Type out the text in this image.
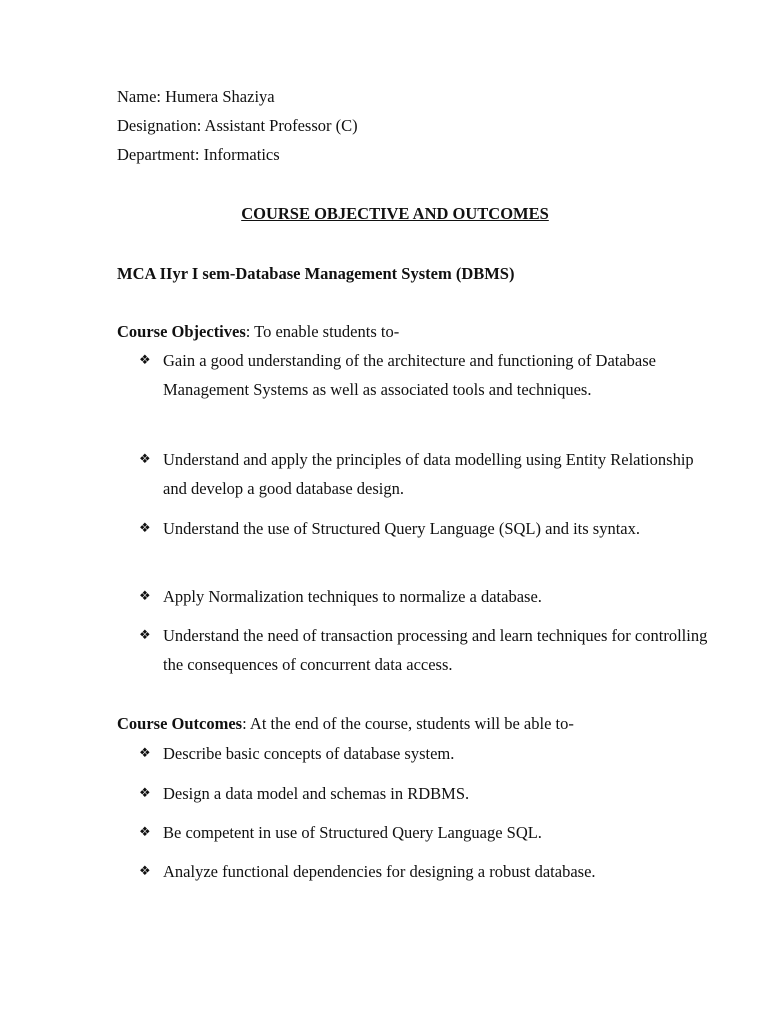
Name: Humera Shaziya
Designation: Assistant Professor (C)
Department: Informatics
COURSE OBJECTIVE AND OUTCOMES
MCA IIyr I sem-Database Management System (DBMS)
Course Objectives: To enable students to-
❖ Gain a good understanding of the architecture and functioning of Database Management Systems as well as associated tools and techniques.
❖ Understand and apply the principles of data modelling using Entity Relationship and develop a good database design.
❖ Understand the use of Structured Query Language (SQL) and its syntax.
❖ Apply Normalization techniques to normalize a database.
❖ Understand the need of transaction processing and learn techniques for controlling the consequences of concurrent data access.
Course Outcomes: At the end of the course, students will be able to-
❖ Describe basic concepts of database system.
❖ Design a data model and schemas in RDBMS.
❖ Be competent in use of Structured Query Language SQL.
❖ Analyze functional dependencies for designing a robust database.
